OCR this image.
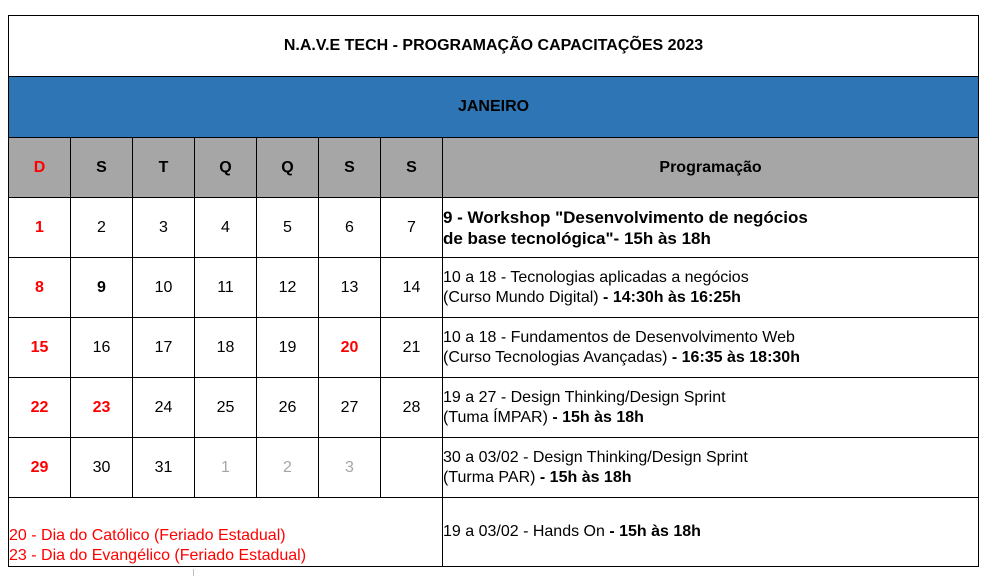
N.A.V.E TECH - PROGRAMAÇÃO CAPACITAÇÕES 2023							
JANEIRO							
D	S	T	Q	Q	S	S	Programação
1	2	3	4	5	6	7	9 - Workshop "Desenvolvimento de negócios
de base tecnológica"- 15h às 18h

8	9	10	11	12	13	14	10 a 18 - Tecnologias aplicadas a negócios
(Curso Mundo Digital) - 14:30h às 16:25h

15	16	17	18	19	20	21	10 a 18 - Fundamentos de Desenvolvimento Web
(Curso Tecnologias Avançadas) - 16:35 às 18:30h

22	23	24	25	26	27	28	19 a 27 - Design Thinking/Design Sprint
(Tuma ÍMPAR) - 15h às 18h

29	30	31	1	2	3		30 a 03/02 - Design Thinking/Design Sprint
(Turma PAR) - 15h às 18h

20 - Dia do Católico (Feriado Estadual)
23 - Dia do Evangélico (Feriado Estadual)							19 a 03/02 - Hands On - 15h às 18h
